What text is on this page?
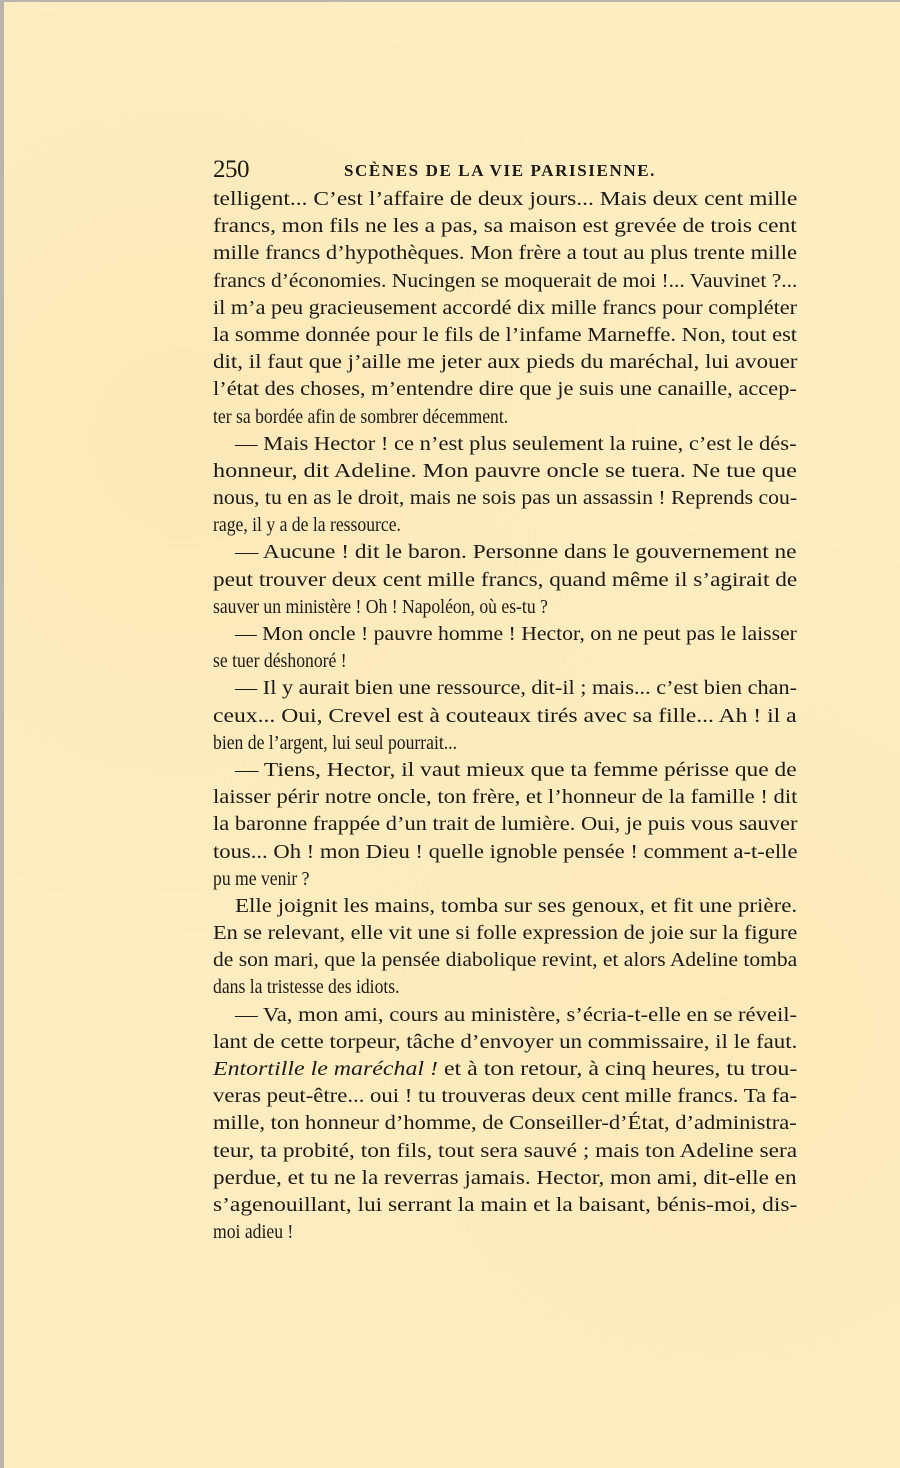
250	SCÈNES DE LA VIE PARISIENNE.
telligent... C’est l’affaire de deux jours... Mais deux cent mille
francs, mon fils ne les a pas, sa maison est grevée de trois cent
mille francs d’hypothèques. Mon frère a tout au plus trente mille
francs d’économies. Nucingen se moquerait de moi !... Vauvinet ?...
il m’a peu gracieusement accordé dix mille francs pour compléter
la somme donnée pour le fils de l’infame Marneffe. Non, tout est
dit, il faut que j’aille me jeter aux pieds du maréchal, lui avouer
l’état des choses, m’entendre dire que je suis une canaille, accep-
ter sa bordée afin de sombrer décemment.
— Mais Hector ! ce n’est plus seulement la ruine, c’est le dés-
honneur, dit Adeline. Mon pauvre oncle se tuera. Ne tue que
nous, tu en as le droit, mais ne sois pas un assassin ! Reprends cou-
rage, il y a de la ressource.
— Aucune ! dit le baron. Personne dans le gouvernement ne
peut trouver deux cent mille francs, quand même il s’agirait de
sauver un ministère ! Oh ! Napoléon, où es-tu ?
— Mon oncle ! pauvre homme ! Hector, on ne peut pas le laisser
se tuer déshonoré !
— Il y aurait bien une ressource, dit-il ; mais... c’est bien chan-
ceux... Oui, Crevel est à couteaux tirés avec sa fille... Ah ! il a
bien de l’argent, lui seul pourrait...
— Tiens, Hector, il vaut mieux que ta femme périsse que de
laisser périr notre oncle, ton frère, et l’honneur de la famille ! dit
la baronne frappée d’un trait de lumière. Oui, je puis vous sauver
tous... Oh ! mon Dieu ! quelle ignoble pensée ! comment a-t-elle
pu me venir ?
Elle joignit les mains, tomba sur ses genoux, et fit une prière.
En se relevant, elle vit une si folle expression de joie sur la figure
de son mari, que la pensée diabolique revint, et alors Adeline tomba
dans la tristesse des idiots.
— Va, mon ami, cours au ministère, s’écria-t-elle en se réveil-
lant de cette torpeur, tâche d’envoyer un commissaire, il le faut.
Entortille le maréchal ! et à ton retour, à cinq heures, tu trou-
veras peut-être... oui ! tu trouveras deux cent mille francs. Ta fa-
mille, ton honneur d’homme, de Conseiller-d’État, d’administra-
teur, ta probité, ton fils, tout sera sauvé ; mais ton Adeline sera
perdue, et tu ne la reverras jamais. Hector, mon ami, dit-elle en
s’agenouillant, lui serrant la main et la baisant, bénis-moi, dis-
moi adieu !
